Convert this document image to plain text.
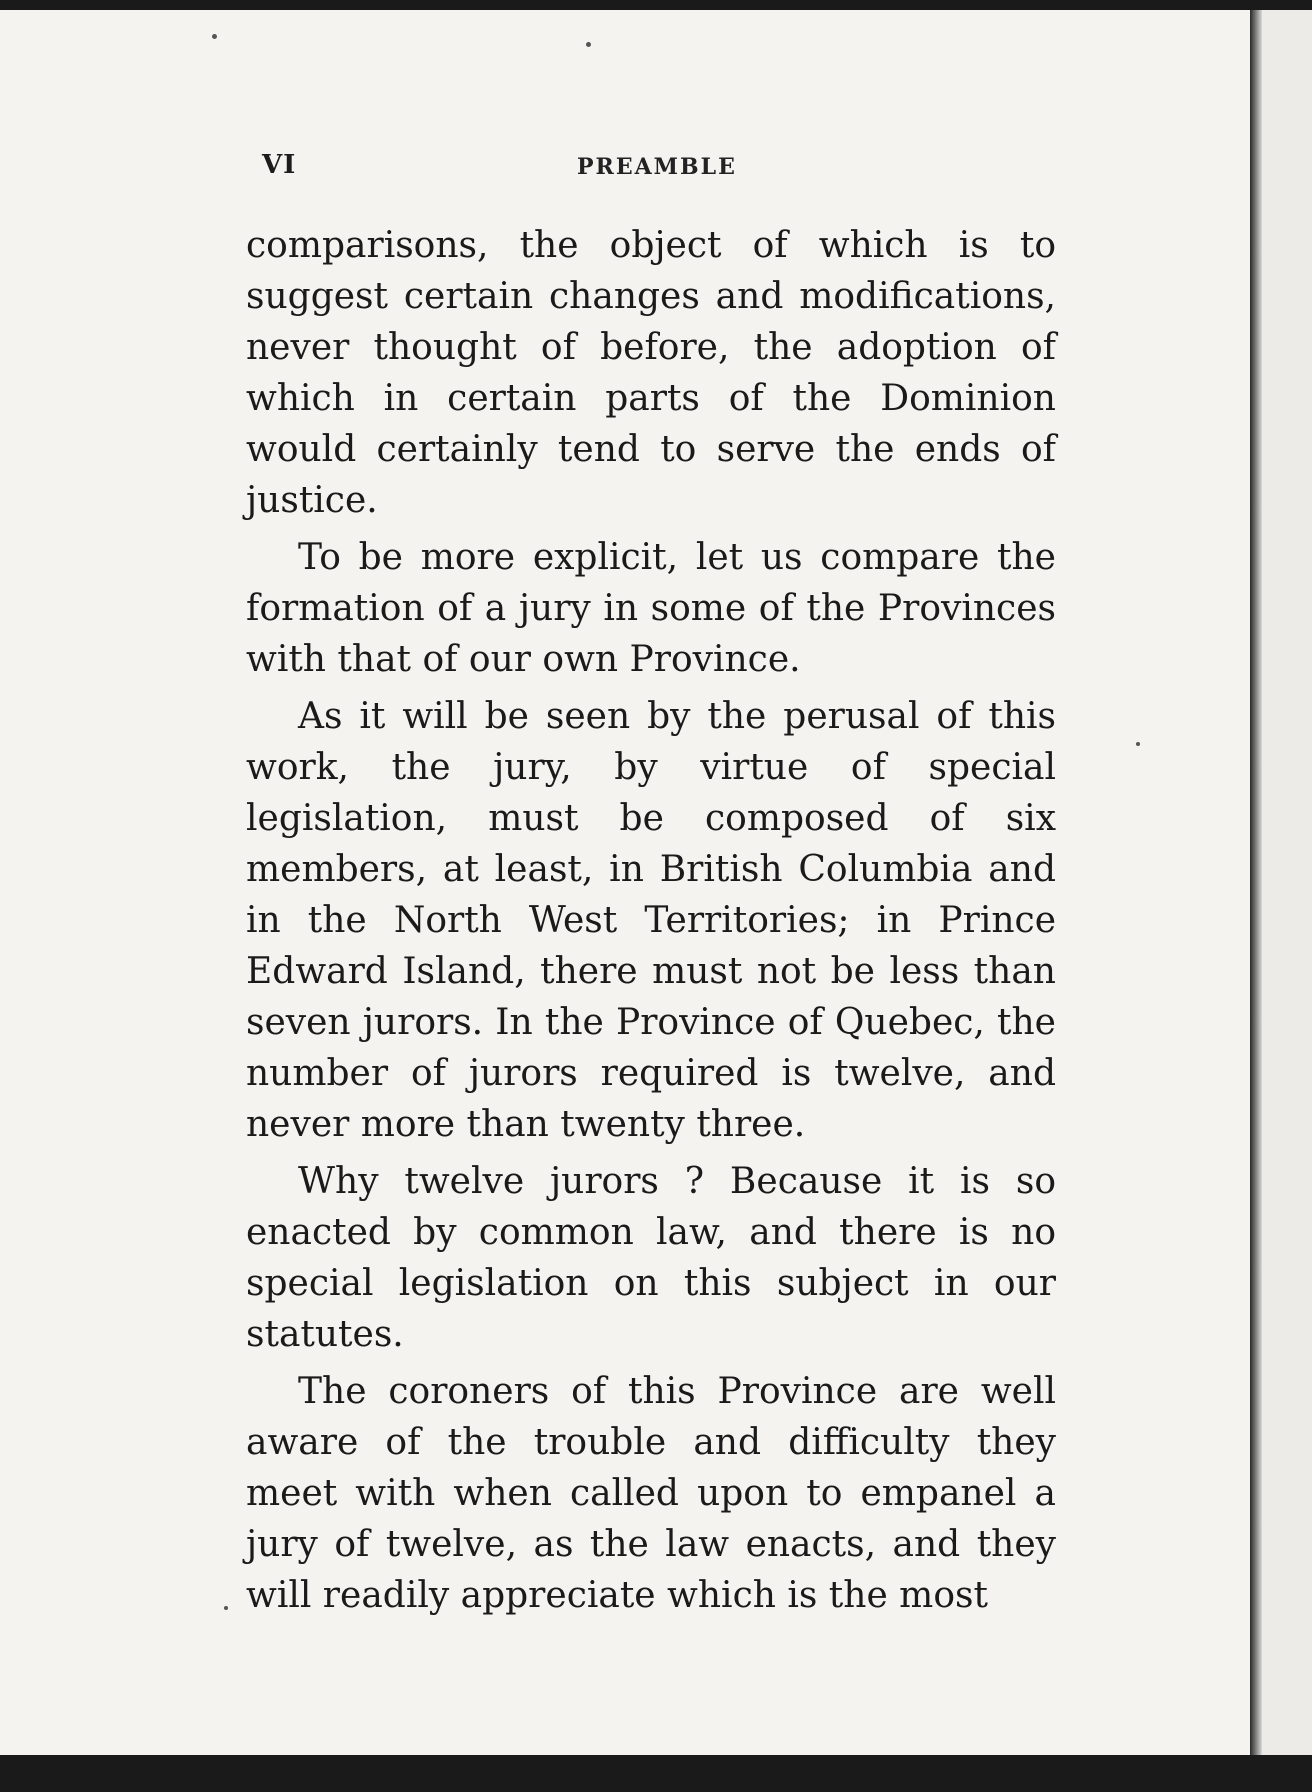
VI	PREAMBLE

comparisons, the object of which is to suggest certain changes and modifications, never thought of before, the adoption of which in certain parts of the Dominion would certainly tend to serve the ends of justice.

To be more explicit, let us compare the formation of a jury in some of the Provinces with that of our own Province.

As it will be seen by the perusal of this work, the jury, by virtue of special legislation, must be composed of six members, at least, in British Columbia and in the North West Territories; in Prince Edward Island, there must not be less than seven jurors. In the Province of Quebec, the number of jurors required is twelve, and never more than twenty three.

Why twelve jurors ? Because it is so enacted by common law, and there is no special legislation on this subject in our statutes.

The coroners of this Province are well aware of the trouble and difficulty they meet with when called upon to empanel a jury of twelve, as the law enacts, and they will readily appreciate which is the most
